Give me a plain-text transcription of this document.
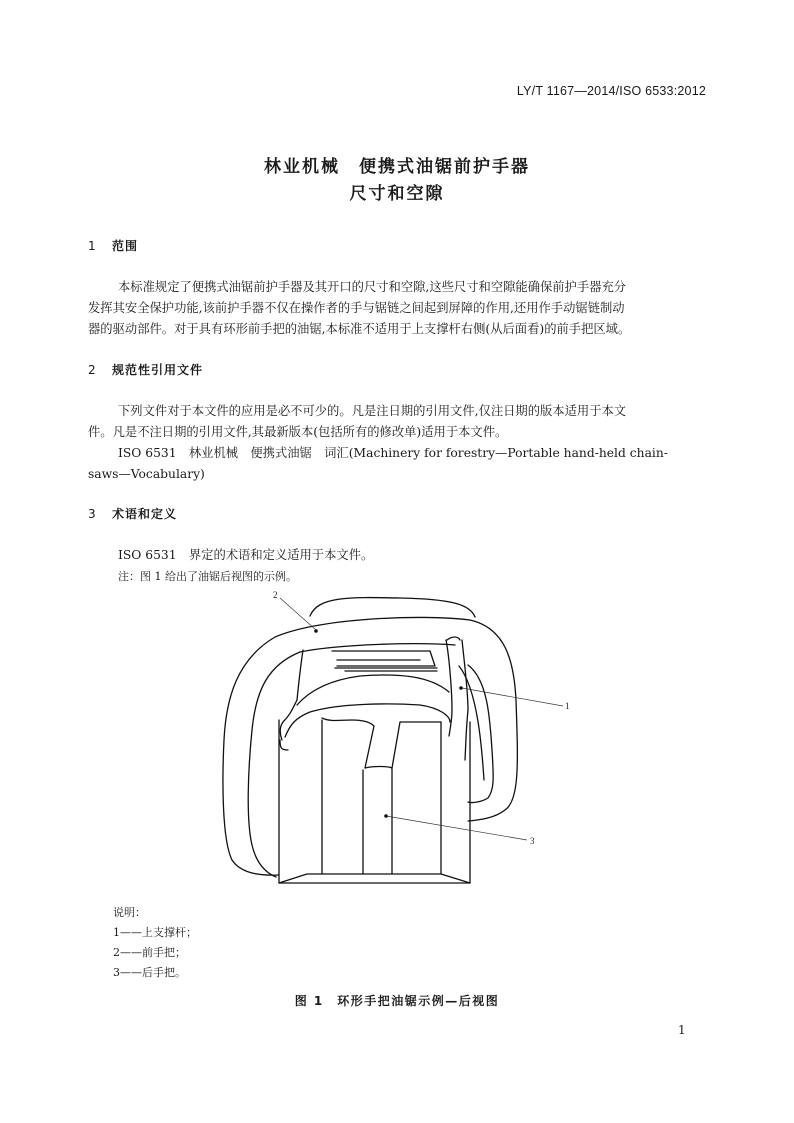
LY/T 1167—2014/ISO 6533:2012
林业机械　便携式油锯前护手器
尺寸和空隙
1 范围
本标准规定了便携式油锯前护手器及其开口的尺寸和空隙,这些尺寸和空隙能确保前护手器充分
发挥其安全保护功能,该前护手器不仅在操作者的手与锯链之间起到屏障的作用,还用作手动锯链制动
器的驱动部件。对于具有环形前手把的油锯,本标准不适用于上支撑杆右侧(从后面看)的前手把区域。
2 规范性引用文件
下列文件对于本文件的应用是必不可少的。凡是注日期的引用文件,仅注日期的版本适用于本文
件。凡是不注日期的引用文件,其最新版本(包括所有的修改单)适用于本文件。
ISO 6531　林业机械　便携式油锯　词汇(Machinery for forestry—Portable hand-held chain-
saws—Vocabulary)
3 术语和定义
ISO 6531　界定的术语和定义适用于本文件。
注：图 1 给出了油锯后视图的示例。
2
1
3
说明：
1——上支撑杆；
2——前手把；
3——后手把。
图 1　环形手把油锯示例—后视图
1
